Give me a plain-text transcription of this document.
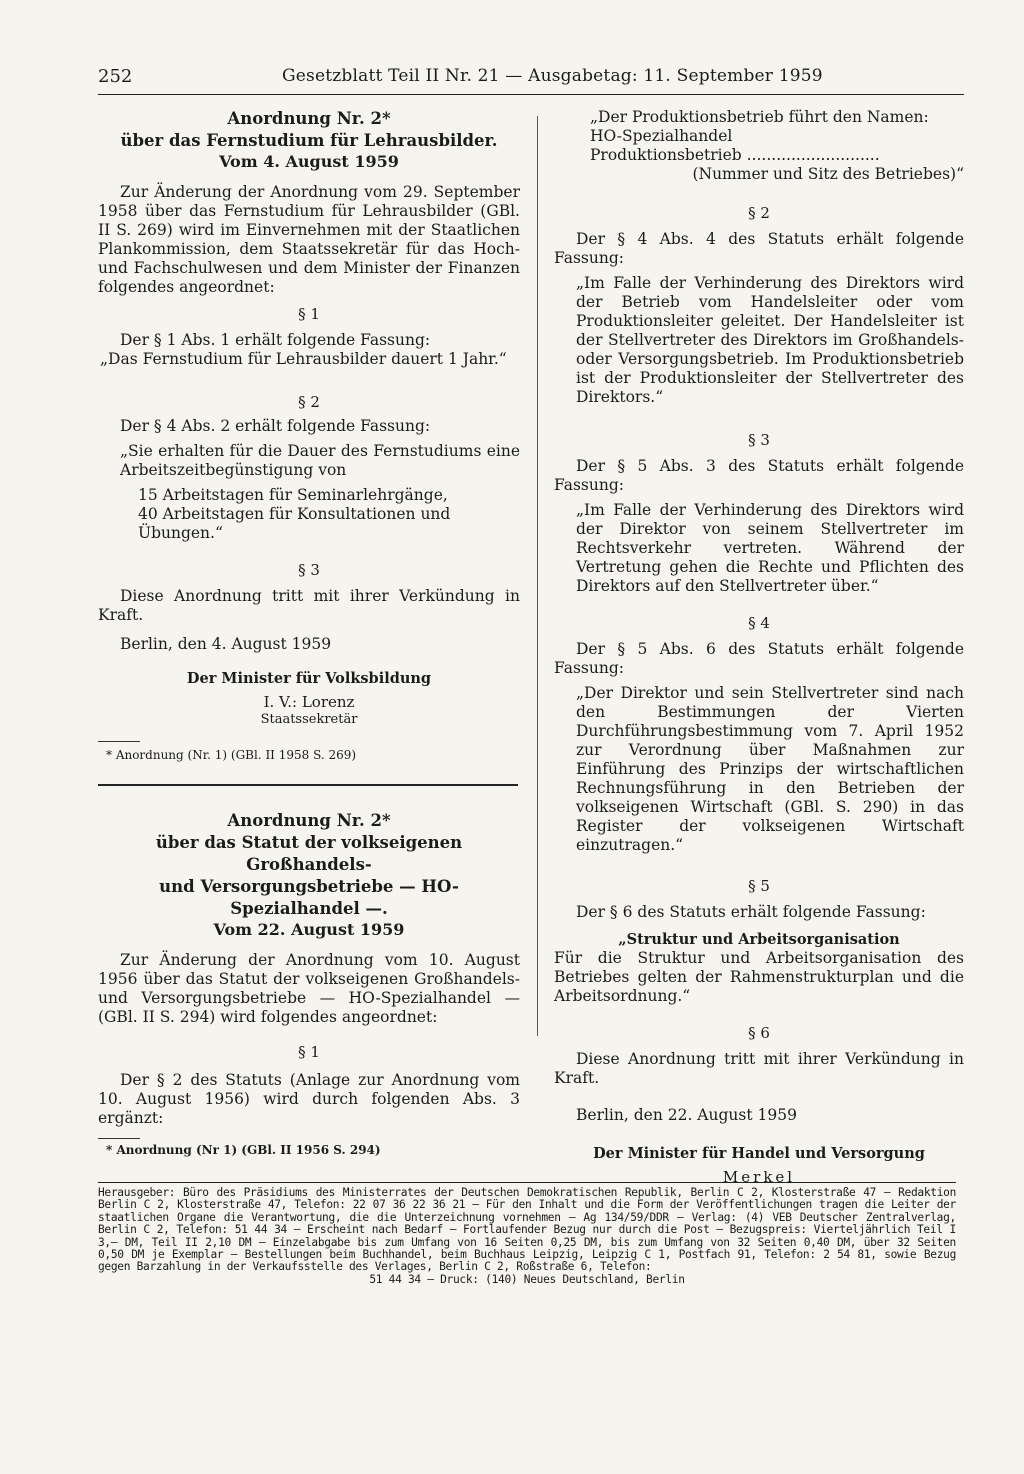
252	Gesetzblatt Teil II Nr. 21 — Ausgabetag: 11. September 1959
Anordnung Nr. 2*
über das Fernstudium für Lehrausbilder.
Vom 4. August 1959

Zur Änderung der Anordnung vom 29. September 1958 über das Fernstudium für Lehrausbilder (GBl. II S. 269) wird im Einvernehmen mit der Staatlichen Plankommission, dem Staatssekretär für das Hoch- und Fachschulwesen und dem Minister der Finanzen folgendes angeordnet:

§ 1

Der § 1 Abs. 1 erhält folgende Fassung:

„Das Fernstudium für Lehrausbilder dauert 1 Jahr.“

§ 2

Der § 4 Abs. 2 erhält folgende Fassung:

„Sie erhalten für die Dauer des Fernstudiums eine Arbeitszeitbegünstigung von

15 Arbeitstagen für Seminarlehrgänge,
40 Arbeitstagen für Konsultationen und Übungen.“
§ 3

Diese Anordnung tritt mit ihrer Verkündung in Kraft.

Berlin, den 4. August 1959

Der Minister für Volksbildung
I. V.: Lorenz
Staatssekretär
* Anordnung (Nr. 1) (GBl. II 1958 S. 269)
Anordnung Nr. 2*
über das Statut der volkseigenen Großhandels-
und Versorgungsbetriebe — HO-Spezialhandel —.
Vom 22. August 1959

Zur Änderung der Anordnung vom 10. August 1956 über das Statut der volkseigenen Großhandels- und Versorgungsbetriebe — HO-Spezialhandel — (GBl. II S. 294) wird folgendes angeordnet:

§ 1

Der § 2 des Statuts (Anlage zur Anordnung vom 10. August 1956) wird durch folgenden Abs. 3 ergänzt:

* Anordnung (Nr 1) (GBl. II 1956 S. 294)

„Der Produktionsbetrieb führt den Namen:

HO-Spezialhandel

Produktionsbetrieb ...........................

(Nummer und Sitz des Betriebes)“

§ 2

Der § 4 Abs. 4 des Statuts erhält folgende Fassung:

„Im Falle der Verhinderung des Direktors wird der Betrieb vom Handelsleiter oder vom Produktionsleiter geleitet. Der Handelsleiter ist der Stellvertreter des Direktors im Großhandels- oder Versorgungsbetrieb. Im Produktionsbetrieb ist der Produktionsleiter der Stellvertreter des Direktors.“

§ 3

Der § 5 Abs. 3 des Statuts erhält folgende Fassung:

„Im Falle der Verhinderung des Direktors wird der Direktor von seinem Stellvertreter im Rechtsverkehr vertreten. Während der Vertretung gehen die Rechte und Pflichten des Direktors auf den Stellvertreter über.“

§ 4

Der § 5 Abs. 6 des Statuts erhält folgende Fassung:

„Der Direktor und sein Stellvertreter sind nach den Bestimmungen der Vierten Durchführungsbestimmung vom 7. April 1952 zur Verordnung über Maßnahmen zur Einführung des Prinzips der wirtschaftlichen Rechnungsführung in den Betrieben der volkseigenen Wirtschaft (GBl. S. 290) in das Register der volkseigenen Wirtschaft einzutragen.“

§ 5

Der § 6 des Statuts erhält folgende Fassung:

„Struktur und Arbeitsorganisation

Für die Struktur und Arbeitsorganisation des Betriebes gelten der Rahmenstrukturplan und die Arbeitsordnung.“

§ 6

Diese Anordnung tritt mit ihrer Verkündung in Kraft.

Berlin, den 22. August 1959

Der Minister für Handel und Versorgung
Merkel
Herausgeber: Büro des Präsidiums des Ministerrates der Deutschen Demokratischen Republik, Berlin C 2, Klosterstraße 47 — Redaktion Berlin C 2, Klosterstraße 47, Telefon: 22 07 36 22 36 21 — Für den Inhalt und die Form der Veröffentlichungen tragen die Leiter der staatlichen Organe die Verantwortung, die die Unterzeichnung vornehmen — Ag 134/59/DDR — Verlag: (4) VEB Deutscher Zentralverlag, Berlin C 2, Telefon: 51 44 34 — Erscheint nach Bedarf — Fortlaufender Bezug nur durch die Post — Bezugspreis: Vierteljährlich Teil I 3,— DM, Teil II 2,10 DM — Einzelabgabe bis zum Umfang von 16 Seiten 0,25 DM, bis zum Umfang von 32 Seiten 0,40 DM, über 32 Seiten 0,50 DM je Exemplar — Bestellungen beim Buchhandel, beim Buchhaus Leipzig, Leipzig C 1, Postfach 91, Telefon: 2 54 81, sowie Bezug gegen Barzahlung in der Verkaufsstelle des Verlages, Berlin C 2, Roßstraße 6, Telefon:
51 44 34 — Druck: (140) Neues Deutschland, Berlin
